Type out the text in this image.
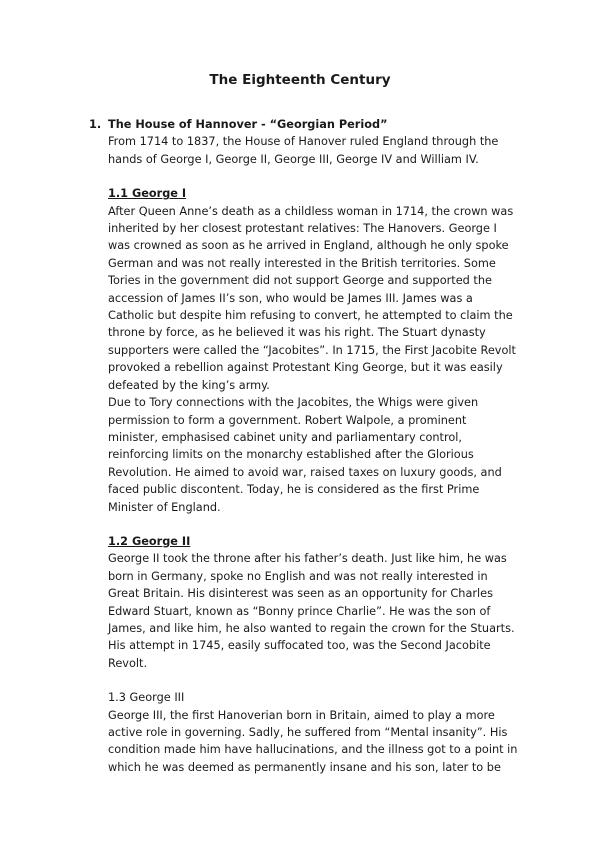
The Eighteenth Century
1. The House of Hannover - “Georgian Period”

From 1714 to 1837, the House of Hanover ruled England through the hands of George I, George II, George III, George IV and William IV.

1.1 George I

After Queen Anne’s death as a childless woman in 1714, the crown was inherited by her closest protestant relatives: The Hanovers. George I was crowned as soon as he arrived in England, although he only spoke German and was not really interested in the British territories. Some Tories in the government did not support George and supported the accession of James II’s son, who would be James III. James was a Catholic but despite him refusing to convert, he attempted to claim the throne by force, as he believed it was his right. The Stuart dynasty supporters were called the “Jacobites”. In 1715, the First Jacobite Revolt provoked a rebellion against Protestant King George, but it was easily defeated by the king’s army.

Due to Tory connections with the Jacobites, the Whigs were given permission to form a government. Robert Walpole, a prominent minister, emphasised cabinet unity and parliamentary control, reinforcing limits on the monarchy established after the Glorious Revolution. He aimed to avoid war, raised taxes on luxury goods, and faced public discontent. Today, he is considered as the first Prime Minister of England.

1.2 George II

George II took the throne after his father’s death. Just like him, he was born in Germany, spoke no English and was not really interested in Great Britain. His disinterest was seen as an opportunity for Charles Edward Stuart, known as “Bonny prince Charlie”. He was the son of James, and like him, he also wanted to regain the crown for the Stuarts. His attempt in 1745, easily suffocated too, was the Second Jacobite Revolt.

1.3 George III

George III, the first Hanoverian born in Britain, aimed to play a more active role in governing. Sadly, he suffered from “Mental insanity”. His condition made him have hallucinations, and the illness got to a point in which he was deemed as permanently insane and his son, later to be
